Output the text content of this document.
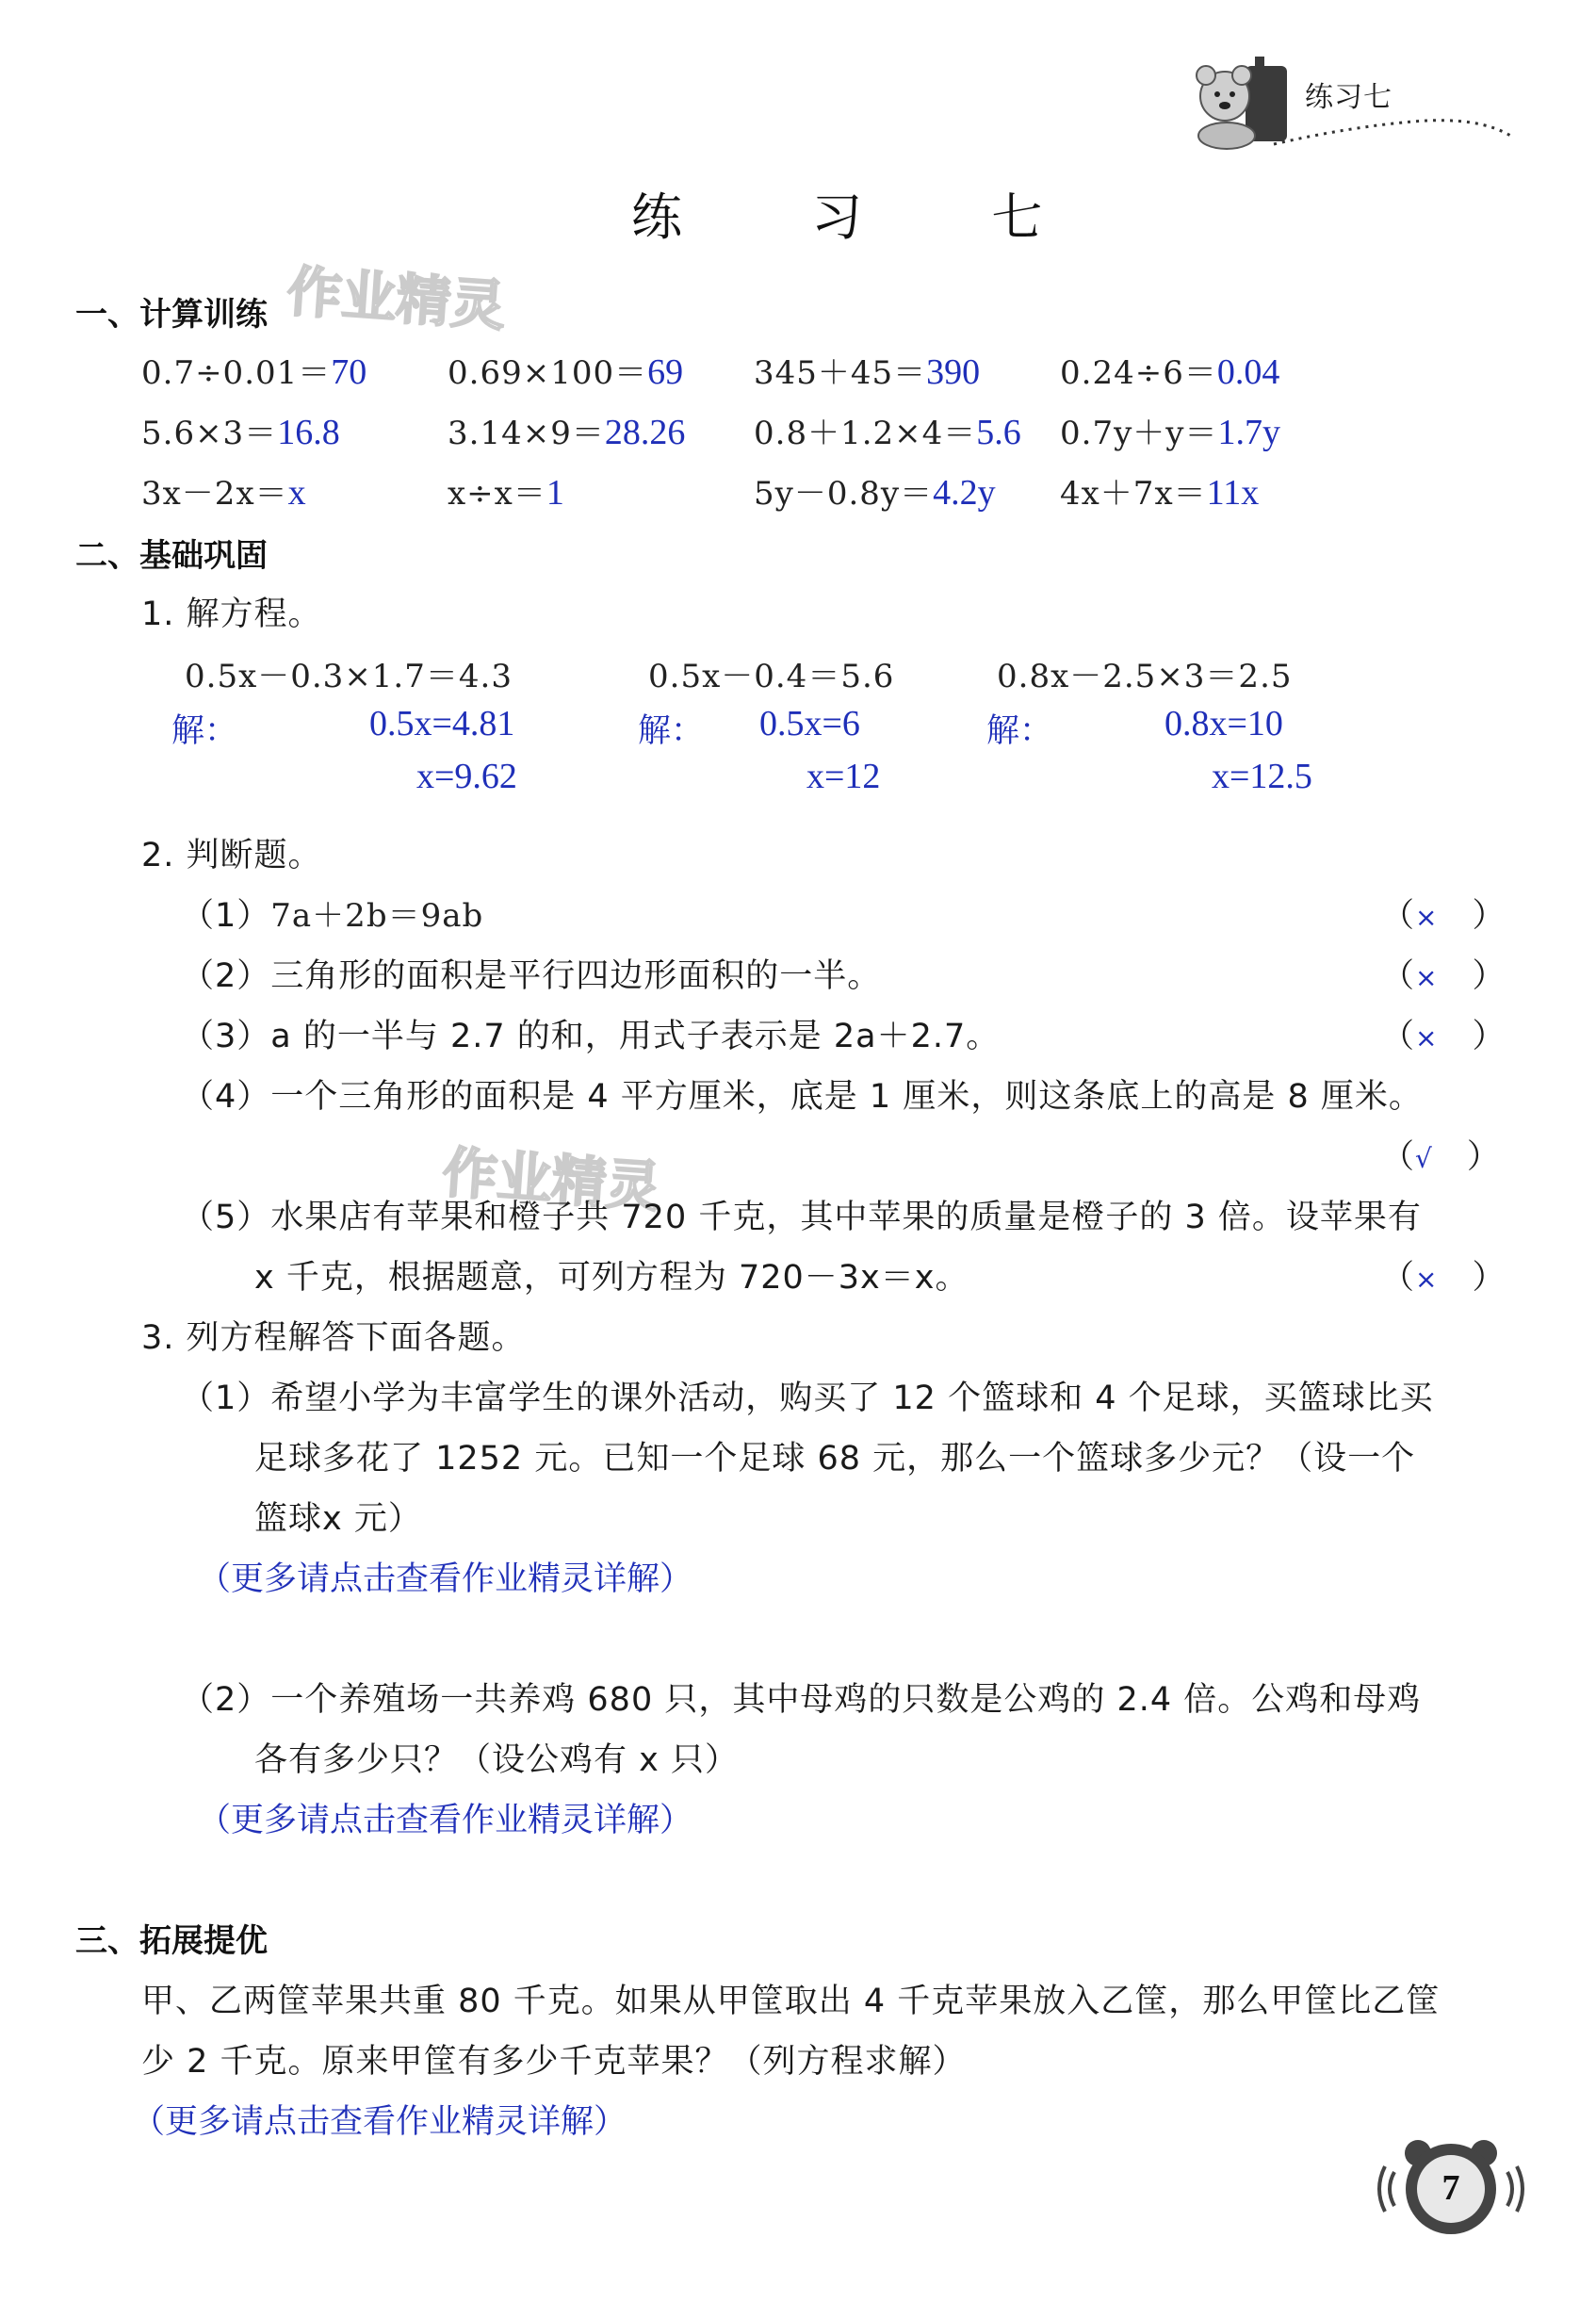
练习七
练 习 七
作业精灵
作业精灵
一、计算训练
0.7÷0.01＝70	0.69×100＝69 345＋45＝390 0.24÷6＝0.04
5.6×3＝16.8	3.14×9＝28.26 0.8＋1.2×4＝5.6 0.7y＋y＝1.7y
3x－2x＝x	x÷x＝1	5y－0.8y＝4.2y 4x＋7x＝11x
二、基础巩固
1. 解方程。
0.5x－0.3×1.7＝4.3	0.5x－0.4＝5.6	0.8x－2.5×3＝2.5
解：	0.5x=4.81
x=9.62
解： 0.5x=6
x=12
解：	0.8x=10
x=12.5
2. 判断题。
（1）7a＋2b＝9ab	（×　）
（2）三角形的面积是平行四边形面积的一半。	（×　）
（3）a 的一半与 2.7 的和，用式子表示是 2a＋2.7。	（×　）
（4）一个三角形的面积是 4 平方厘米，底是 1 厘米，则这条底上的高是 8 厘米。
（√　）
（5）水果店有苹果和橙子共 720 千克，其中苹果的质量是橙子的 3 倍。设苹果有
x 千克，根据题意，可列方程为 720－3x＝x。	（×　）
3. 列方程解答下面各题。
（1）希望小学为丰富学生的课外活动，购买了 12 个篮球和 4 个足球，买篮球比买
足球多花了 1252 元。已知一个足球 68 元，那么一个篮球多少元？（设一个
篮球x 元）
（更多请点击查看作业精灵详解）
（2）一个养殖场一共养鸡 680 只，其中母鸡的只数是公鸡的 2.4 倍。公鸡和母鸡
各有多少只？（设公鸡有 x 只）
（更多请点击查看作业精灵详解）
三、拓展提优
甲、乙两筐苹果共重 80 千克。如果从甲筐取出 4 千克苹果放入乙筐，那么甲筐比乙筐
少 2 千克。原来甲筐有多少千克苹果？（列方程求解）
（更多请点击查看作业精灵详解）
7
